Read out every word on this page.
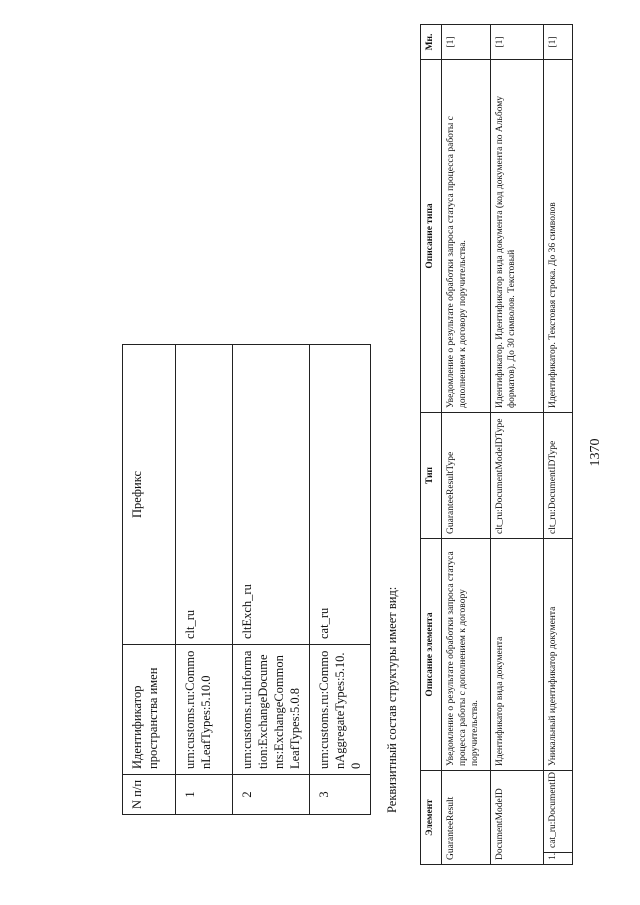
1370
N п/п	Идентификатор пространства имен	Префикс
1	urn:customs.ru:CommonLeafTypes:5.10.0	clt_ru
2	urn:customs.ru:Information:ExchangeDocuments:ExchangeCommonLeafTypes:5.0.8	cltExch_ru
3	urn:customs.ru:CommonAggregateTypes:5.10.0	cat_ru	Реквизитный состав структуры имеет вид:
Элемент		Описание элемента	Тип	Описание типа	Мн.
GuaranteeResult		Уведомление о результате обработки запроса статуса процесса работы с дополнением к договору поручительства.	GuaranteeResultType	Уведомление о результате обработки запроса статуса процесса работы с дополнением к договору поручительства.	[1]
DocumentModeID		Идентификатор вида документа	clt_ru:DocumentModeIDType	Идентификатор. Идентификатор вида документа (код документа по Альбому форматов). До 30 символов. Текстовый	[1]
1.	cat_ru:DocumentID	Уникальный идентификатор документа	clt_ru:DocumentIDType	Идентификатор. Текстовая строка. До 36 символов	[1]
